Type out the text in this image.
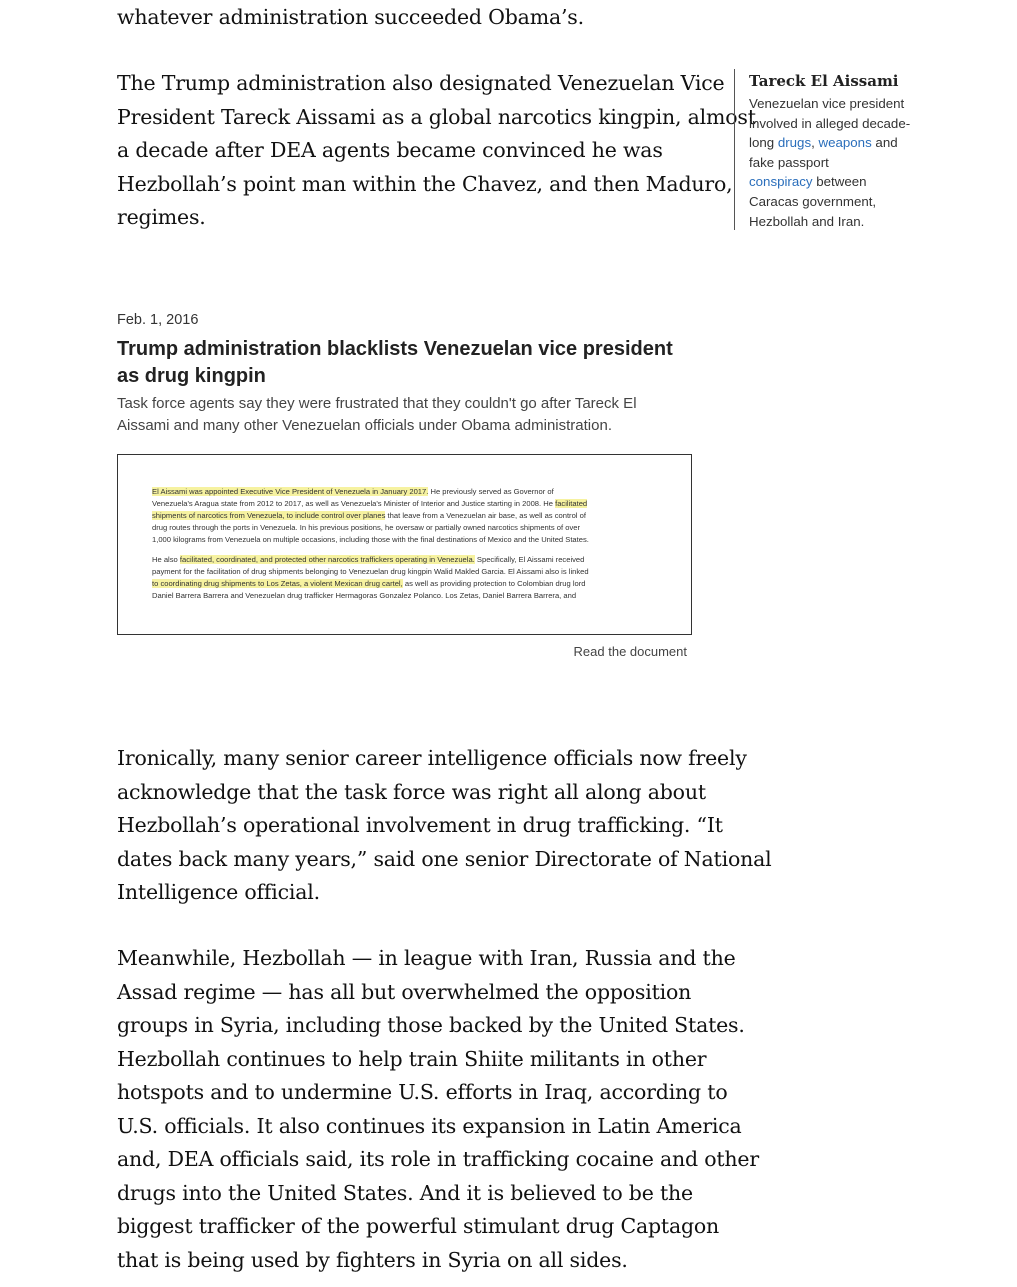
whatever administration succeeded Obama’s.

The Trump administration also designated Venezuelan Vice
President Tareck Aissami as a global narcotics kingpin, almost
a decade after DEA agents became convinced he was
Hezbollah’s point man within the Chavez, and then Maduro,
regimes.

Tareck El Aissami
Venezuelan vice president
involved in alleged decade-
long drugs, weapons and
fake passport
conspiracy between
Caracas government,
Hezbollah and Iran.
Feb. 1, 2016
Trump administration blacklists Venezuelan vice president
as drug kingpin
Task force agents say they were frustrated that they couldn't go after Tareck El
Aissami and many other Venezuelan officials under Obama administration.
El Aissami was appointed Executive Vice President of Venezuela in January 2017. He previously served as Governor of
Venezuela's Aragua state from 2012 to 2017, as well as Venezuela's Minister of Interior and Justice starting in 2008. He facilitated
shipments of narcotics from Venezuela, to include control over planes that leave from a Venezuelan air base, as well as control of
drug routes through the ports in Venezuela. In his previous positions, he oversaw or partially owned narcotics shipments of over
1,000 kilograms from Venezuela on multiple occasions, including those with the final destinations of Mexico and the United States.
He also facilitated, coordinated, and protected other narcotics traffickers operating in Venezuela. Specifically, El Aissami received
payment for the facilitation of drug shipments belonging to Venezuelan drug kingpin Walid Makled Garcia. El Aissami also is linked
to coordinating drug shipments to Los Zetas, a violent Mexican drug cartel, as well as providing protection to Colombian drug lord
Daniel Barrera Barrera and Venezuelan drug trafficker Hermagoras Gonzalez Polanco. Los Zetas, Daniel Barrera Barrera, and
Read the document

Ironically, many senior career intelligence officials now freely
acknowledge that the task force was right all along about
Hezbollah’s operational involvement in drug trafficking. “It
dates back many years,” said one senior Directorate of National
Intelligence official.

Meanwhile, Hezbollah — in league with Iran, Russia and the
Assad regime — has all but overwhelmed the opposition
groups in Syria, including those backed by the United States.
Hezbollah continues to help train Shiite militants in other
hotspots and to undermine U.S. efforts in Iraq, according to
U.S. officials. It also continues its expansion in Latin America
and, DEA officials said, its role in trafficking cocaine and other
drugs into the United States. And it is believed to be the
biggest trafficker of the powerful stimulant drug Captagon
that is being used by fighters in Syria on all sides.
